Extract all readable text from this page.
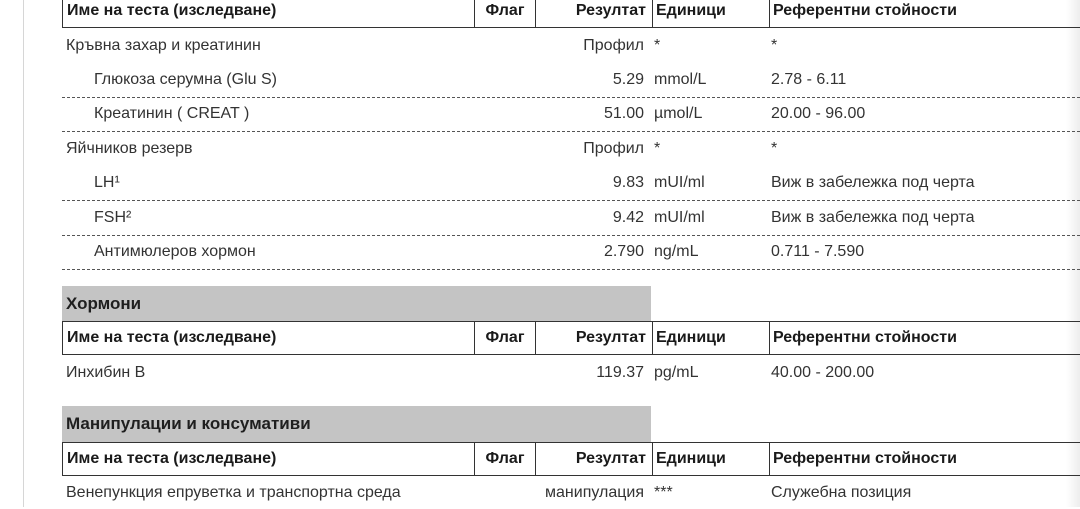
Име на теста (изследване)	Флаг	Резултат Единици	Референтни стойности
Кръвна захар и креатинин	Профил *	*
Глюкоза серумна (Glu S)	5.29 mmol/L	2.78 - 6.11
Креатинин ( CREAT )	51.00 µmol/L	20.00 - 96.00
Яйчников резерв	Профил *	*
LH¹	9.83 mUI/ml	Виж в забележка под черта
FSH²	9.42 mUI/ml	Виж в забележка под черта
Антимюлеров хормон	2.790 ng/mL	0.711 - 7.590
Хормони
Име на теста (изследване)	Флаг	Резултат Единици	Референтни стойности
Инхибин B	119.37 pg/mL	40.00 - 200.00
Манипулации и консумативи
Име на теста (изследване)	Флаг	Резултат Единици	Референтни стойности
Венепункция епруветка и транспортна среда	манипулация ***	Служебна позиция
